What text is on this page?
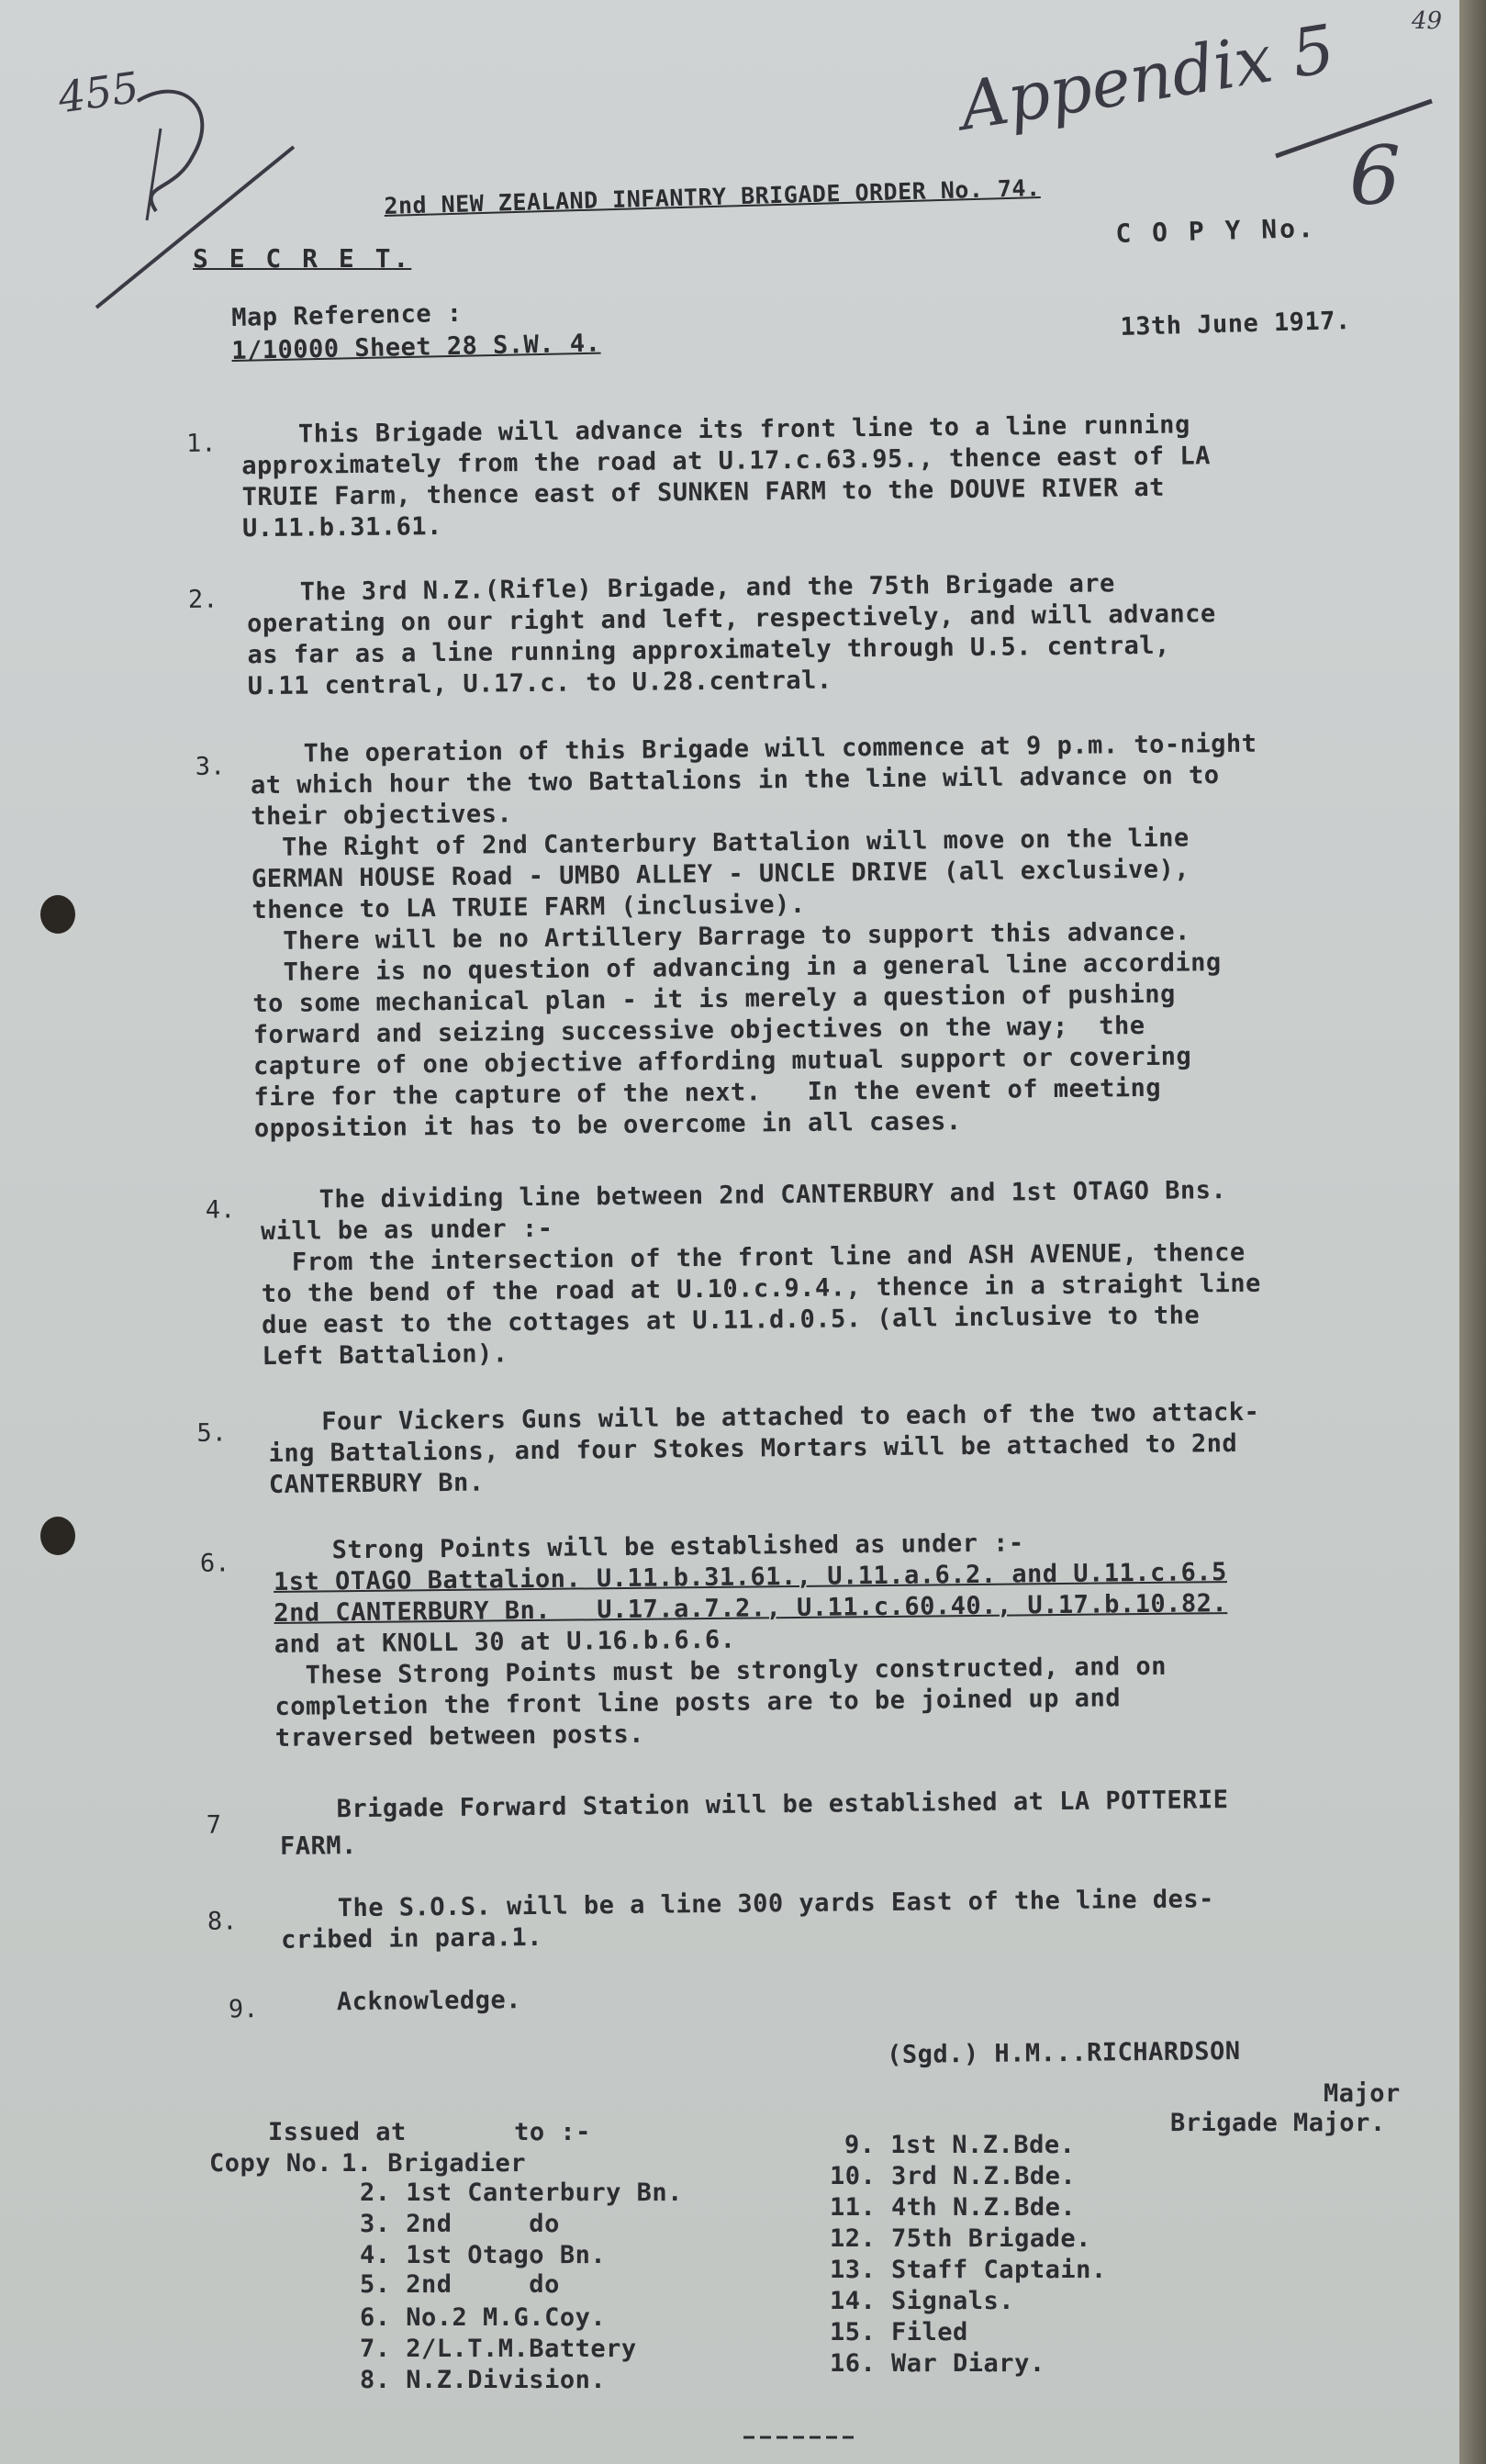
455	Appendix 5
6
49
2nd NEW ZEALAND INFANTRY BRIGADE ORDER No. 74.
S E C R E T.
C O P Y No.
Map Reference :
1/10000 Sheet 28 S.W. 4.
13th June 1917.
1.	This Brigade will advance its front line to a line running
approximately from the road at U.17.c.63.95., thence east of LA
TRUIE Farm, thence east of SUNKEN FARM to the DOUVE RIVER at
U.11.b.31.61.
2.	The 3rd N.Z.(Rifle) Brigade, and the 75th Brigade are
operating on our right and left, respectively, and will advance
as far as a line running approximately through U.5. central,
U.11 central, U.17.c. to U.28.central.
3.	The operation of this Brigade will commence at 9 p.m. to-night
at which hour the two Battalions in the line will advance on to
their objectives.
The Right of 2nd Canterbury Battalion will move on the line
GERMAN HOUSE Road - UMBO ALLEY - UNCLE DRIVE (all exclusive),
thence to LA TRUIE FARM (inclusive).
There will be no Artillery Barrage to support this advance.
There is no question of advancing in a general line according
to some mechanical plan - it is merely a question of pushing
forward and seizing successive objectives on the way;  the
capture of one objective affording mutual support or covering
fire for the capture of the next.   In the event of meeting
opposition it has to be overcome in all cases.
4.	The dividing line between 2nd CANTERBURY and 1st OTAGO Bns.
will be as under :-
From the intersection of the front line and ASH AVENUE, thence
to the bend of the road at U.10.c.9.4., thence in a straight line
due east to the cottages at U.11.d.0.5. (all inclusive to the
Left Battalion).
5.	Four Vickers Guns will be attached to each of the two attack-
ing Battalions, and four Stokes Mortars will be attached to 2nd
CANTERBURY Bn.
6.	Strong Points will be established as under :-
1st OTAGO Battalion. U.11.b.31.61., U.11.a.6.2. and U.11.c.6.5
2nd CANTERBURY Bn.   U.17.a.7.2., U.11.c.60.40., U.17.b.10.82.
and at KNOLL 30 at U.16.b.6.6.
These Strong Points must be strongly constructed, and on
completion the front line posts are to be joined up and
traversed between posts.
7
Brigade Forward Station will be established at LA POTTERIE
FARM.
8.	The S.O.S. will be a line 300 yards East of the line des-
cribed in para.1.
9.	Acknowledge.
(Sgd.) H.M...RICHARDSON
Major
Brigade Major.
Issued at       to :-
Copy No. 1. Brigadier
2. 1st Canterbury Bn.
3. 2nd     do
4. 1st Otago Bn.
5. 2nd     do
6. No.2 M.G.Coy.
7. 2/L.T.M.Battery
8. N.Z.Division.
9. 1st N.Z.Bde.
10. 3rd N.Z.Bde.
11. 4th N.Z.Bde.
12. 75th Brigade.
13. Staff Captain.
14. Signals.
15. Filed
16. War Diary.
